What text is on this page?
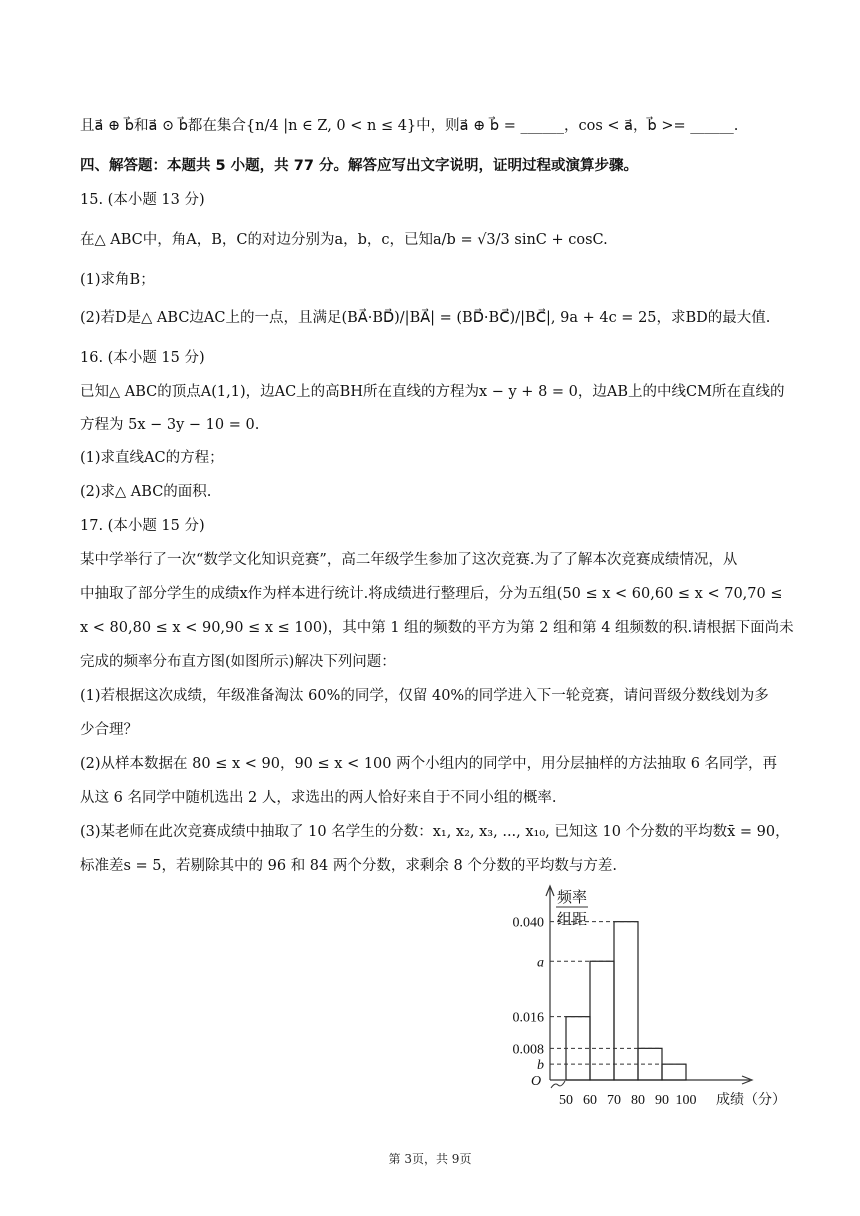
且a⃗ ⊕ b⃗和a⃗ ⊙ b⃗都在集合{n/4 |n ∈ Z, 0 < n ≤ 4}中，则a⃗ ⊕ b⃗ = ______，cos < a⃗，b⃗ >= ______.
四、解答题：本题共 5 小题，共 77 分。解答应写出文字说明，证明过程或演算步骤。
15. (本小题 13 分)
在△ ABC中，角A，B，C的对边分别为a，b，c，已知a/b = √3/3 sinC + cosC.
(1)求角B；
(2)若D是△ ABC边AC上的一点，且满足(BA⃗·BD⃗)/|BA⃗| = (BD⃗·BC⃗)/|BC⃗|, 9a + 4c = 25，求BD的最大值.
16. (本小题 15 分)
已知△ ABC的顶点A(1,1)，边AC上的高BH所在直线的方程为x − y + 8 = 0，边AB上的中线CM所在直线的
方程为 5x − 3y − 10 = 0.
(1)求直线AC的方程；
(2)求△ ABC的面积.
17. (本小题 15 分)
某中学举行了一次“数学文化知识竞赛”，高二年级学生参加了这次竞赛.为了了解本次竞赛成绩情况，从
中抽取了部分学生的成绩x作为样本进行统计.将成绩进行整理后，分为五组(50 ≤ x < 60,60 ≤ x < 70,70 ≤
x < 80,80 ≤ x < 90,90 ≤ x ≤ 100)，其中第 1 组的频数的平方为第 2 组和第 4 组频数的积.请根据下面尚未
完成的频率分布直方图(如图所示)解决下列问题：
(1)若根据这次成绩，年级准备淘汰 60%的同学，仅留 40%的同学进入下一轮竞赛，请问晋级分数线划为多
少合理？
(2)从样本数据在 80 ≤ x < 90，90 ≤ x < 100 两个小组内的同学中，用分层抽样的方法抽取 6 名同学，再
从这 6 名同学中随机选出 2 人，求选出的两人恰好来自于不同小组的概率.
(3)某老师在此次竞赛成绩中抽取了 10 名学生的分数：x₁, x₂, x₃, ..., x₁₀, 已知这 10 个分数的平均数x̄ = 90，
标准差s = 5，若剔除其中的 96 和 84 两个分数，求剩余 8 个分数的平均数与方差.
频率
组距
0.040
a
0.016
0.008
b
O
50 60 70 80 90 100 成绩（分）
第 3页，共 9页
